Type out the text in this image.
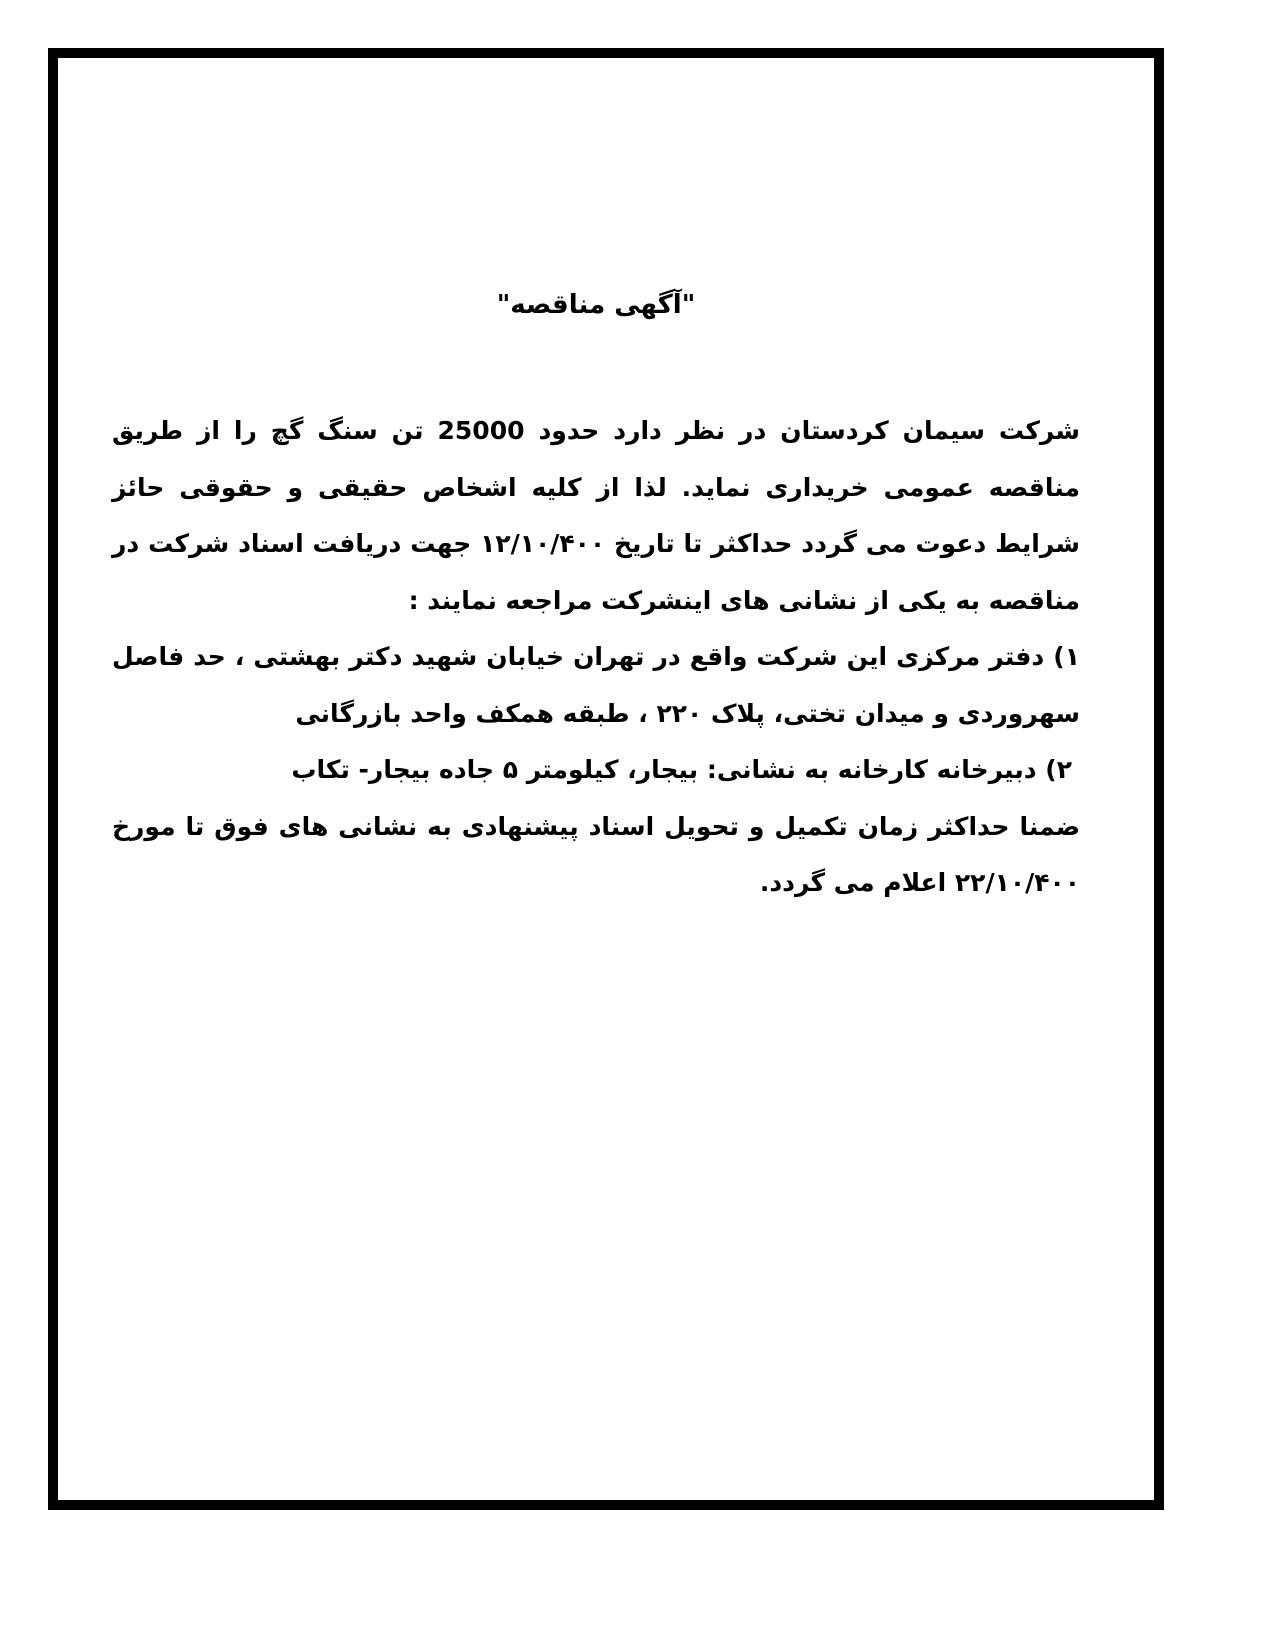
"آگهی مناقصه"

شرکت سیمان کردستان در نظر دارد حدود 25000 تن سنگ گچ را از طریق مناقصه عمومی خریداری نماید. لذا از کلیه اشخاص حقیقی و حقوقی حائز شرایط دعوت می گردد حداکثر تا تاریخ ۱۲/۱۰/۴۰۰ جهت دریافت اسناد شرکت در مناقصه به یکی از نشانی های اینشرکت مراجعه نمایند :

۱) دفتر مرکزی این شرکت واقع در تهران خیابان شهید دکتر بهشتی ، حد فاصل سهروردی و میدان تختی، پلاک ۲۲۰ ، طبقه همکف واحد بازرگانی

۲) دبیرخانه کارخانه به نشانی: بیجار، کیلومتر ۵ جاده بیجار- تکاب

ضمنا حداکثر زمان تکمیل و تحویل اسناد پیشنهادی به نشانی های فوق تا مورخ ۲۲/۱۰/۴۰۰ اعلام می گردد.
